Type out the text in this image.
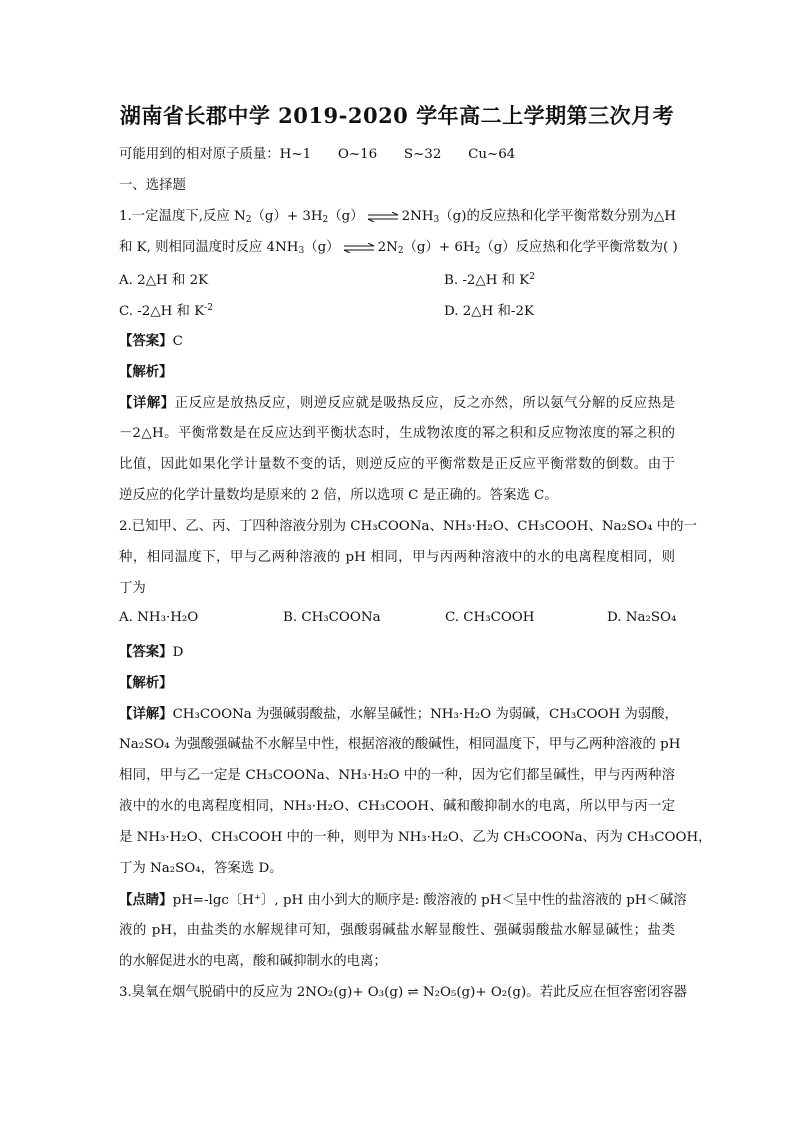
湖南省长郡中学 2019-2020 学年高二上学期第三次月考
可能用到的相对原子质量：H~1　　O~16　　S~32　　Cu~64
一、选择题
1.一定温度下,反应 $N_2(g)+ 3H_2(g)$ ⇌ $2NH_3(g)$的反应热和化学平衡常数分别为△H
和 K, 则相同温度时反应 $4NH_3(g)$ ⇌ $2N_2(g)+ 6H_2(g)$反应热和化学平衡常数为( )
A. 2△H 和 2K	B. -2△H 和 $K^2$
C. -2△H 和 $K^{-2}$	D. 2△H 和-2K
【答案】C
【解析】
【详解】正反应是放热反应，则逆反应就是吸热反应，反之亦然，所以氨气分解的反应热是
－2△H。平衡常数是在反应达到平衡状态时，生成物浓度的幂之积和反应物浓度的幂之积的
比值，因此如果化学计量数不变的话，则逆反应的平衡常数是正反应平衡常数的倒数。由于
逆反应的化学计量数均是原来的 2 倍，所以选项 C 是正确的。答案选 C。
2.已知甲、乙、丙、丁四种溶液分别为 CH₃COONa、NH₃·H₂O、CH₃COOH、Na₂SO₄ 中的一
种，相同温度下，甲与乙两种溶液的 pH 相同，甲与丙两种溶液中的水的电离程度相同，则
丁为
A. NH₃·H₂O	B. CH₃COONa	C. CH₃COOH	D. Na₂SO₄
【答案】D
【解析】
【详解】CH₃COONa 为强碱弱酸盐，水解呈碱性；NH₃·H₂O 为弱碱，CH₃COOH 为弱酸，
Na₂SO₄ 为强酸强碱盐不水解呈中性，根据溶液的酸碱性，相同温度下，甲与乙两种溶液的 pH
相同，甲与乙一定是 CH₃COONa、NH₃·H₂O 中的一种，因为它们都呈碱性，甲与丙两种溶
液中的水的电离程度相同，NH₃·H₂O、CH₃COOH、碱和酸抑制水的电离，所以甲与丙一定
是 NH₃·H₂O、CH₃COOH 中的一种，则甲为 NH₃·H₂O、乙为 CH₃COONa、丙为 CH₃COOH，
丁为 Na₂SO₄，答案选 D。
【点睛】pH=-lgc〔H⁺〕, pH 由小到大的顺序是: 酸溶液的 pH＜呈中性的盐溶液的 pH＜碱溶
液的 pH，由盐类的水解规律可知，强酸弱碱盐水解显酸性、强碱弱酸盐水解显碱性；盐类
的水解促进水的电离，酸和碱抑制水的电离；
3.臭氧在烟气脱硝中的反应为 2NO₂(g)+ O₃(g) ⇌ N₂O₅(g)+ O₂(g)。若此反应在恒容密闭容器
